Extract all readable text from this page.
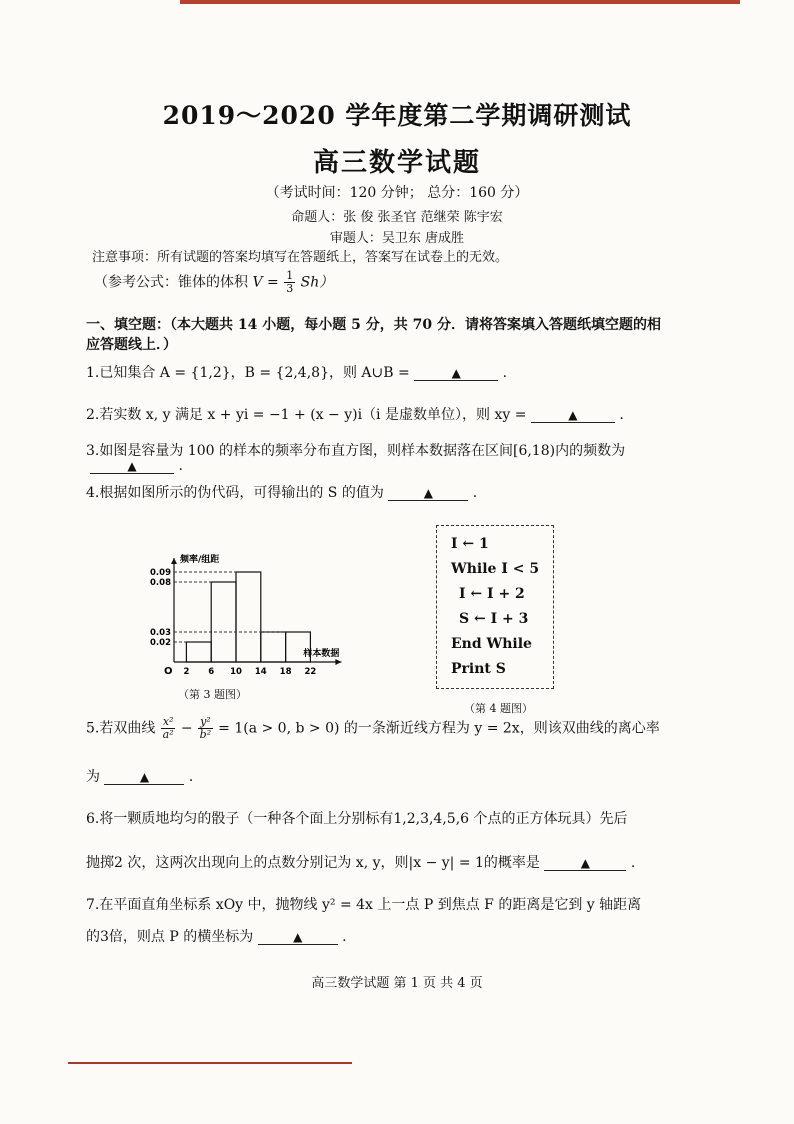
2019～2020 学年度第二学期调研测试
高三数学试题
（考试时间：120 分钟； 总分：160 分）
命题人：张 俊 张圣官 范继荣 陈宇宏
审题人：吴卫东 唐成胜
注意事项：所有试题的答案均填写在答题纸上，答案写在试卷上的无效。
（参考公式：锥体的体积 $V = \frac{1}{3} Sh$）
一、填空题：（本大题共 14 小题，每小题 5 分，共 70 分．请将答案填入答题纸填空题的相
应答题线上．）
1.已知集合 A = {1,2}，B = {2,4,8}，则 A∪B =	▲	.
2.若实数 x, y 满足 x + yi = −1 + (x − y)i（i 是虚数单位），则 xy =	▲	.
3.如图是容量为 100 的样本的频率分布直方图，则样本数据落在区间[6,18)内的频数为
▲	.
4.根据如图所示的伪代码，可得输出的 S 的值为	▲	.
0.09
0.08
0.03
0.02
2 6 10 14 18 22
O
频率/组距
样本数据
（第 3 题图）
I ← 1
While I < 5
I ← I + 2
S ← I + 3
End While
Print S
（第 4 题图）
5.若双曲线 $\frac{\text{x²}}{\text{a²}} - \frac{\text{y²}}{\text{b²}} = 1(a > 0$, b > 0) 的一条渐近线方程为 y = 2x，则该双曲线的离心率
为	▲	.
6.将一颗质地均匀的骰子（一种各个面上分别标有1,2,3,4,5,6 个点的正方体玩具）先后
抛掷2 次，这两次出现向上的点数分别记为 x, y，则|x − y| = 1的概率是	▲	.
7.在平面直角坐标系 xOy 中，抛物线 y² = 4x 上一点 P 到焦点 F 的距离是它到 y 轴距离
的3倍，则点 P 的横坐标为	▲	.
高三数学试题 第 1 页 共 4 页
